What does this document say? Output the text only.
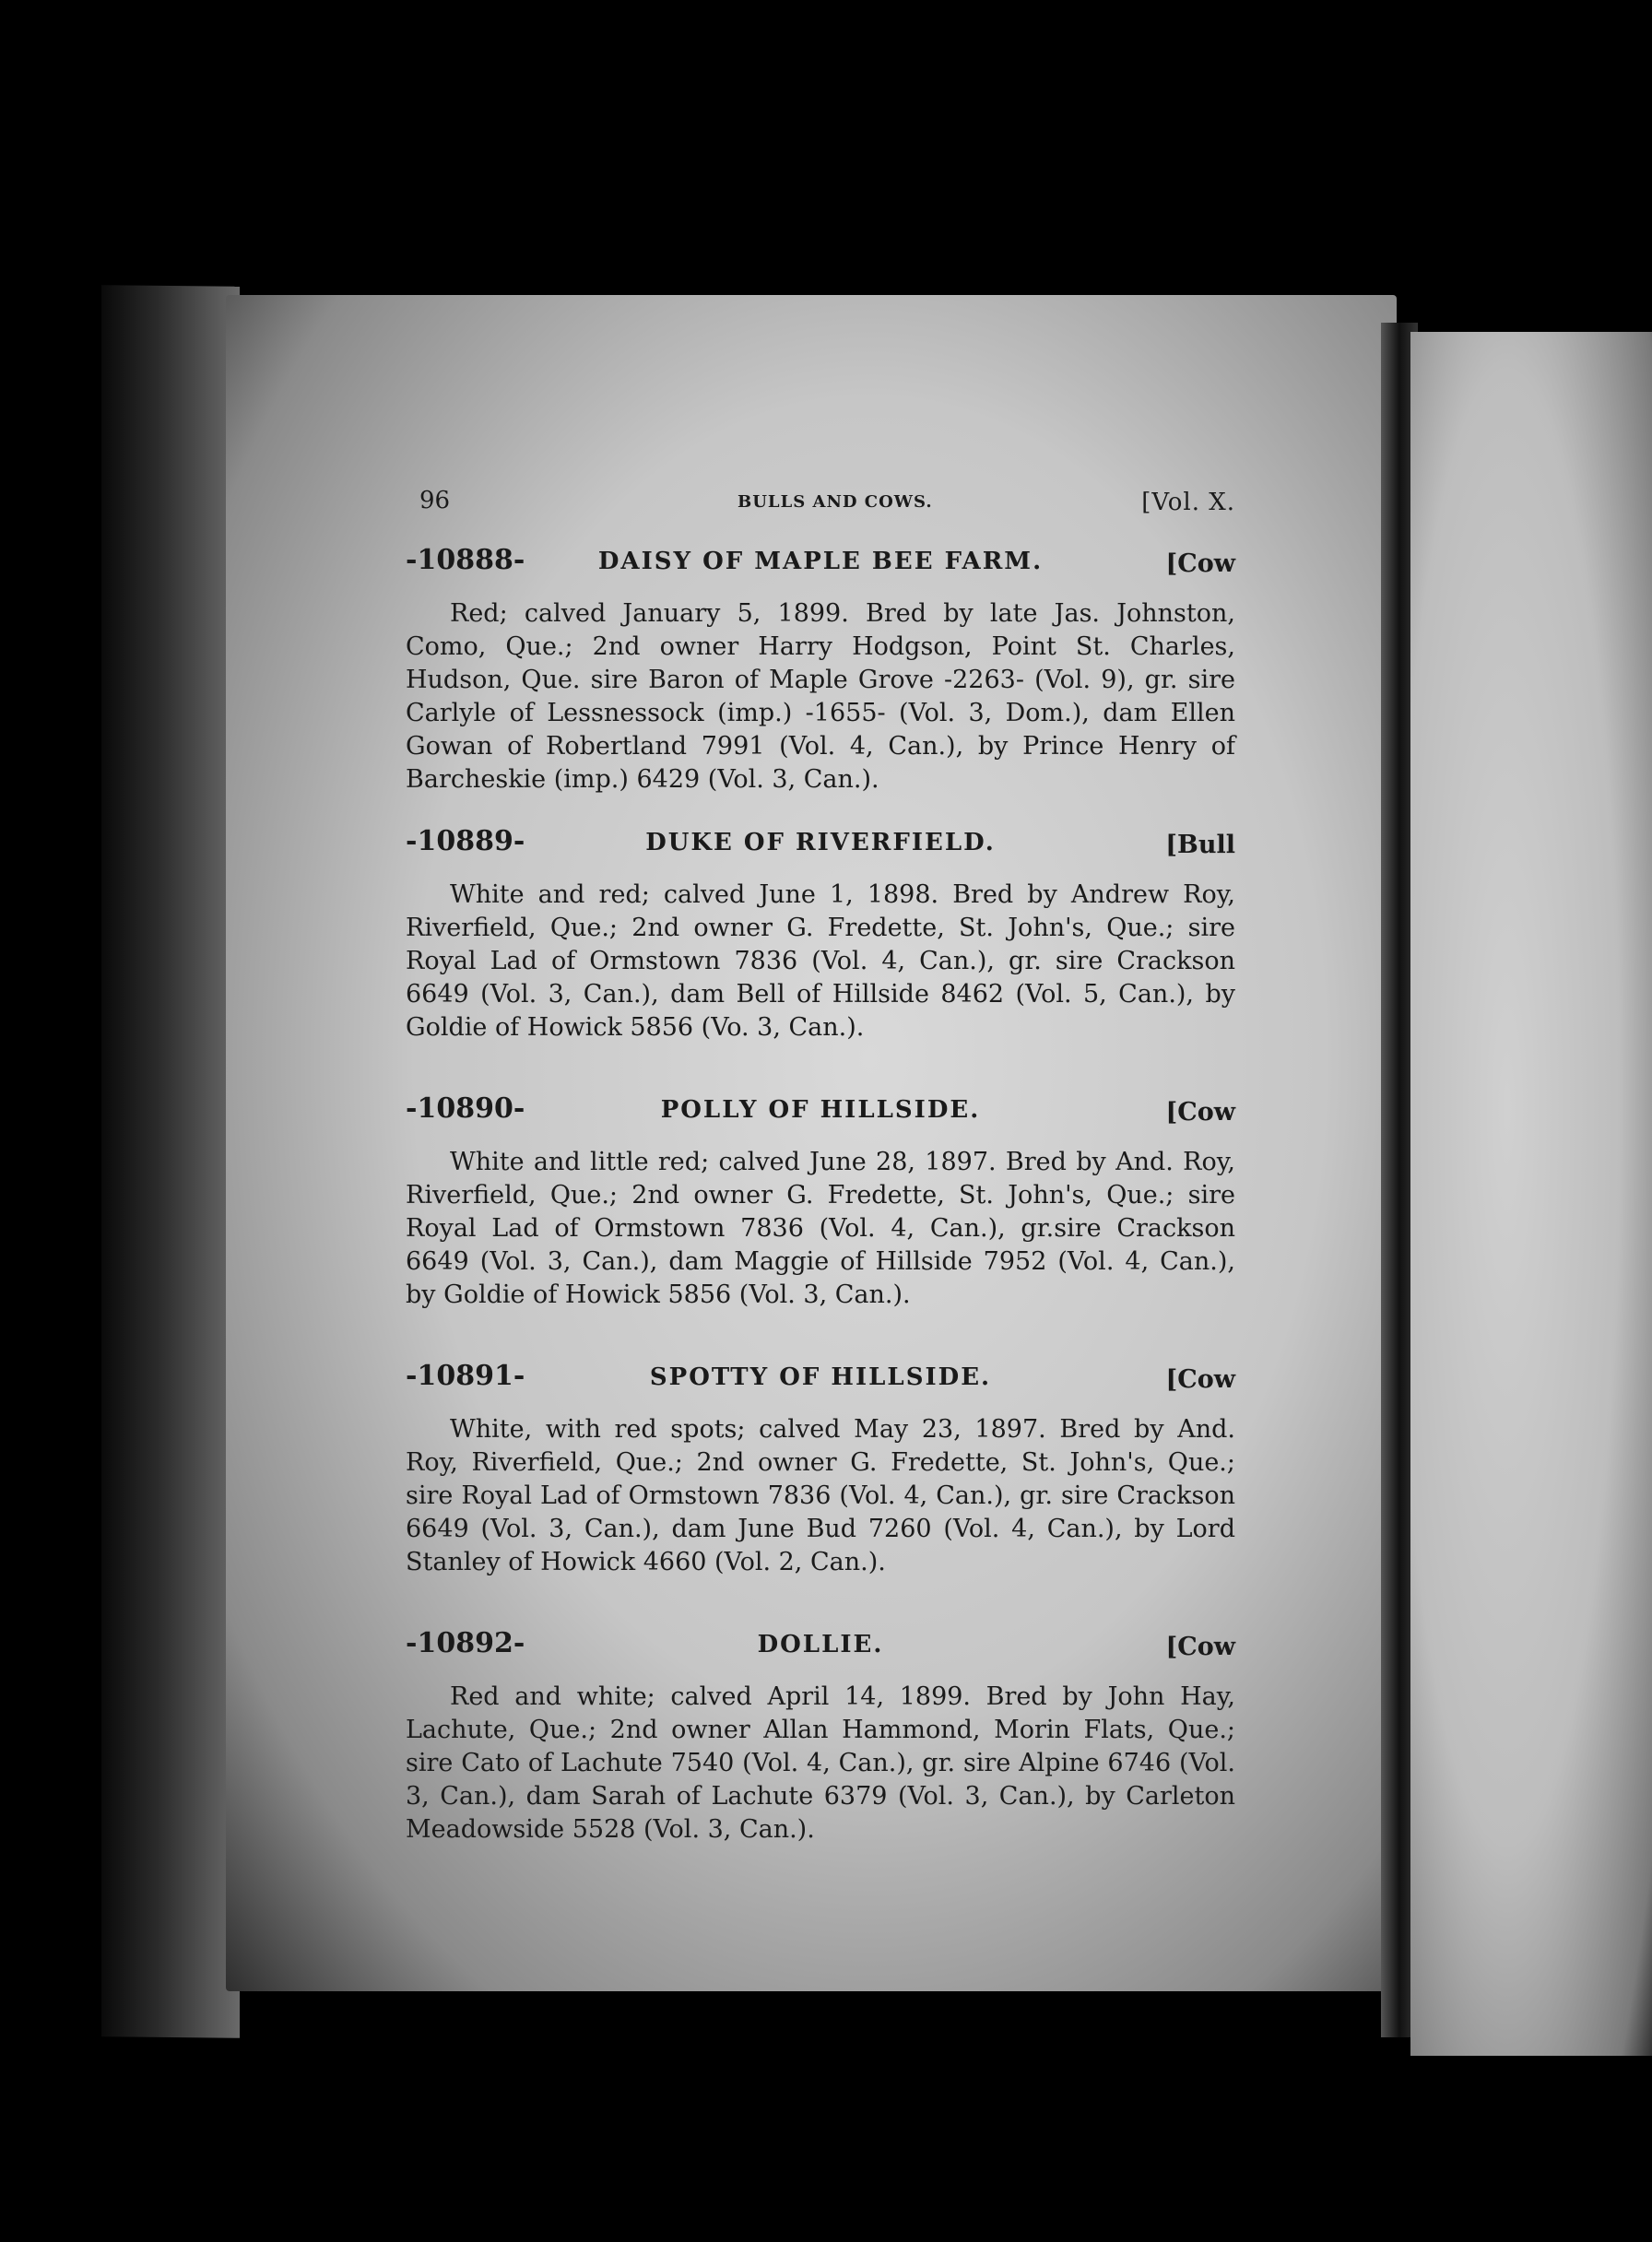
96	BULLS AND COWS.	[Vol. X.
-10888-	DAISY OF MAPLE BEE FARM.	[Cow
Red; calved January 5, 1899. Bred by late Jas. Johnston, Como, Que.; 2nd owner Harry Hodgson, Point St. Charles, Hudson, Que. sire Baron of Maple Grove -2263- (Vol. 9), gr. sire Carlyle of Lessnessock (imp.) -1655- (Vol. 3, Dom.), dam Ellen Gowan of Robertland 7991 (Vol. 4, Can.), by Prince Henry of Barcheskie (imp.) 6429 (Vol. 3, Can.).
-10889-	DUKE OF RIVERFIELD.	[Bull
White and red; calved June 1, 1898. Bred by Andrew Roy, Riverfield, Que.; 2nd owner G. Fredette, St. John's, Que.; sire Royal Lad of Ormstown 7836 (Vol. 4, Can.), gr. sire Crackson 6649 (Vol. 3, Can.), dam Bell of Hillside 8462 (Vol. 5, Can.), by Goldie of Howick 5856 (Vo. 3, Can.).
-10890-	POLLY OF HILLSIDE.	[Cow
White and little red; calved June 28, 1897. Bred by And. Roy, Riverfield, Que.; 2nd owner G. Fredette, St. John's, Que.; sire Royal Lad of Ormstown 7836 (Vol. 4, Can.), gr.sire Crackson 6649 (Vol. 3, Can.), dam Maggie of Hillside 7952 (Vol. 4, Can.), by Goldie of Howick 5856 (Vol. 3, Can.).
-10891-	SPOTTY OF HILLSIDE.	[Cow
White, with red spots; calved May 23, 1897. Bred by And. Roy, Riverfield, Que.; 2nd owner G. Fredette, St. John's, Que.; sire Royal Lad of Ormstown 7836 (Vol. 4, Can.), gr. sire Crackson 6649 (Vol. 3, Can.), dam June Bud 7260 (Vol. 4, Can.), by Lord Stanley of Howick 4660 (Vol. 2, Can.).
-10892-	DOLLIE.	[Cow
Red and white; calved April 14, 1899. Bred by John Hay, Lachute, Que.; 2nd owner Allan Hammond, Morin Flats, Que.; sire Cato of Lachute 7540 (Vol. 4, Can.), gr. sire Alpine 6746 (Vol. 3, Can.), dam Sarah of Lachute 6379 (Vol. 3, Can.), by Carleton Meadowside 5528 (Vol. 3, Can.).
